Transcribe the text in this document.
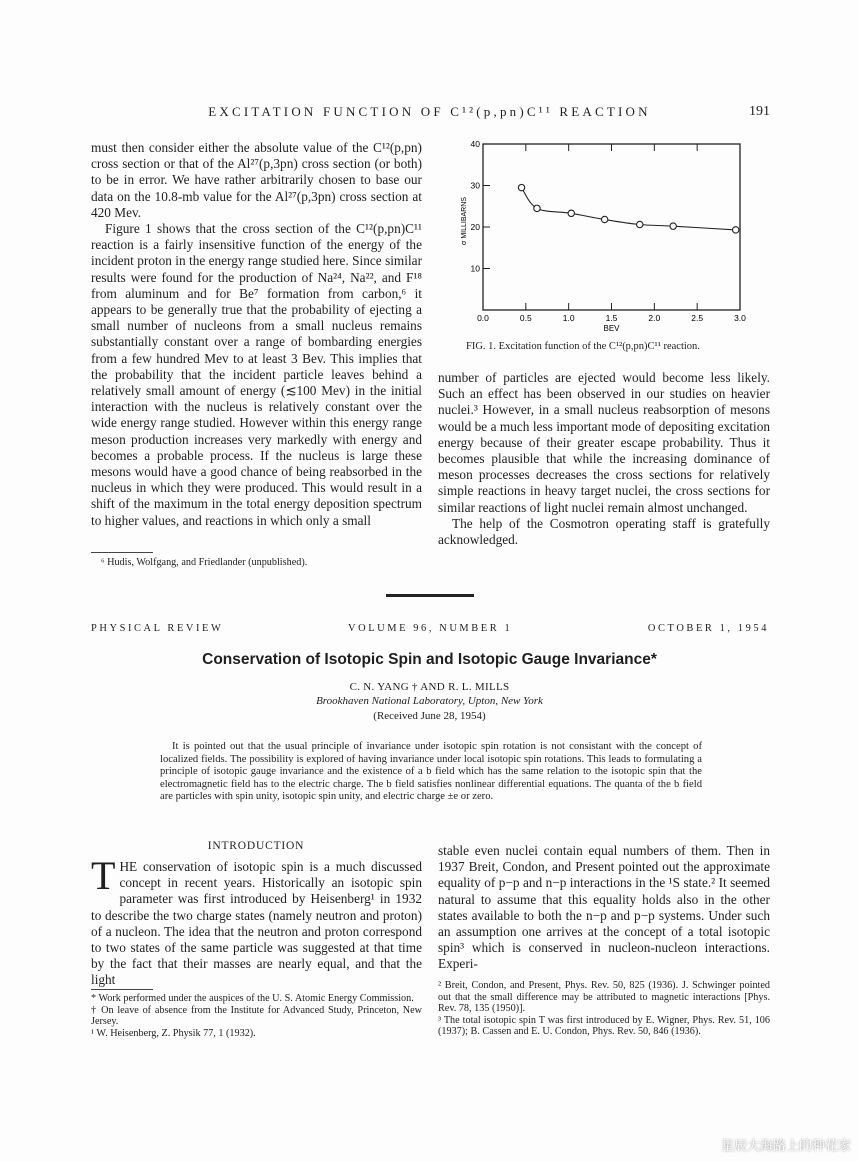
EXCITATION FUNCTION OF C¹²(p,pn)C¹¹ REACTION	191

must then consider either the absolute value of the C¹²(p,pn) cross section or that of the Al²⁷(p,3pn) cross section (or both) to be in error. We have rather arbitrarily chosen to base our data on the 10.8-mb value for the Al²⁷(p,3pn) cross section at 420 Mev.

Figure 1 shows that the cross section of the C¹²(p,pn)C¹¹ reaction is a fairly insensitive function of the energy of the incident proton in the energy range studied here. Since similar results were found for the production of Na²⁴, Na²², and F¹⁸ from aluminum and for Be⁷ formation from carbon,⁶ it appears to be generally true that the probability of ejecting a small number of nucleons from a small nucleus remains substantially constant over a range of bombarding energies from a few hundred Mev to at least 3 Bev. This implies that the probability that the incident particle leaves behind a relatively small amount of energy (≲100 Mev) in the initial interaction with the nucleus is relatively constant over the wide energy range studied. However within this energy range meson production increases very markedly with energy and becomes a probable process. If the nucleus is large these mesons would have a good chance of being reabsorbed in the nucleus in which they were produced. This would result in a shift of the maximum in the total energy deposition spectrum to higher values, and reactions in which only a small

⁶ Hudis, Wolfgang, and Friedlander (unpublished).
0.0	0.5	1.0	1.5	2.0	2.5	3.0
10
20
30
40
BEV
σ MILLIBARNS
FIG. 1. Excitation function of the C¹²(p,pn)C¹¹ reaction.

number of particles are ejected would become less likely. Such an effect has been observed in our studies on heavier nuclei.³ However, in a small nucleus reabsorption of mesons would be a much less important mode of depositing excitation energy because of their greater escape probability. Thus it becomes plausible that while the increasing dominance of meson processes decreases the cross sections for relatively simple reactions in heavy target nuclei, the cross sections for similar reactions of light nuclei remain almost unchanged.

The help of the Cosmotron operating staff is gratefully acknowledged.

PHYSICAL REVIEW	VOLUME 96, NUMBER 1	OCTOBER 1, 1954
Conservation of Isotopic Spin and Isotopic Gauge Invariance*
C. N. YANG † AND R. L. MILLS
Brookhaven National Laboratory, Upton, New York
(Received June 28, 1954)
It is pointed out that the usual principle of invariance under isotopic spin rotation is not consistant with the concept of localized fields. The possibility is explored of having invariance under local isotopic spin rotations. This leads to formulating a principle of isotopic gauge invariance and the existence of a b field which has the same relation to the isotopic spin that the electromagnetic field has to the electric charge. The b field satisfies nonlinear differential equations. The quanta of the b field are particles with spin unity, isotopic spin unity, and electric charge ±e or zero.
INTRODUCTION
T HE conservation of isotopic spin is a much discussed concept in recent years. Historically an isotopic spin parameter was first introduced by Heisenberg¹ in 1932 to describe the two charge states (namely neutron and proton) of a nucleon. The idea that the neutron and proton correspond to two states of the same particle was suggested at that time by the fact that their masses are nearly equal, and that the light

stable even nuclei contain equal numbers of them. Then in 1937 Breit, Condon, and Present pointed out the approximate equality of p−p and n−p interactions in the ¹S state.² It seemed natural to assume that this equality holds also in the other states available to both the n−p and p−p systems. Under such an assumption one arrives at the concept of a total isotopic spin³ which is conserved in nucleon-nucleon interactions. Experi-

* Work performed under the auspices of the U. S. Atomic Energy Commission.

† On leave of absence from the Institute for Advanced Study, Princeton, New Jersey.

¹ W. Heisenberg, Z. Physik 77, 1 (1932).

² Breit, Condon, and Present, Phys. Rev. 50, 825 (1936). J. Schwinger pointed out that the small difference may be attributed to magnetic interactions [Phys. Rev. 78, 135 (1950)].

³ The total isotopic spin T was first introduced by E. Wigner, Phys. Rev. 51, 106 (1937); B. Cassen and E. U. Condon, Phys. Rev. 50, 846 (1936).

星辰大海路上的种花家
